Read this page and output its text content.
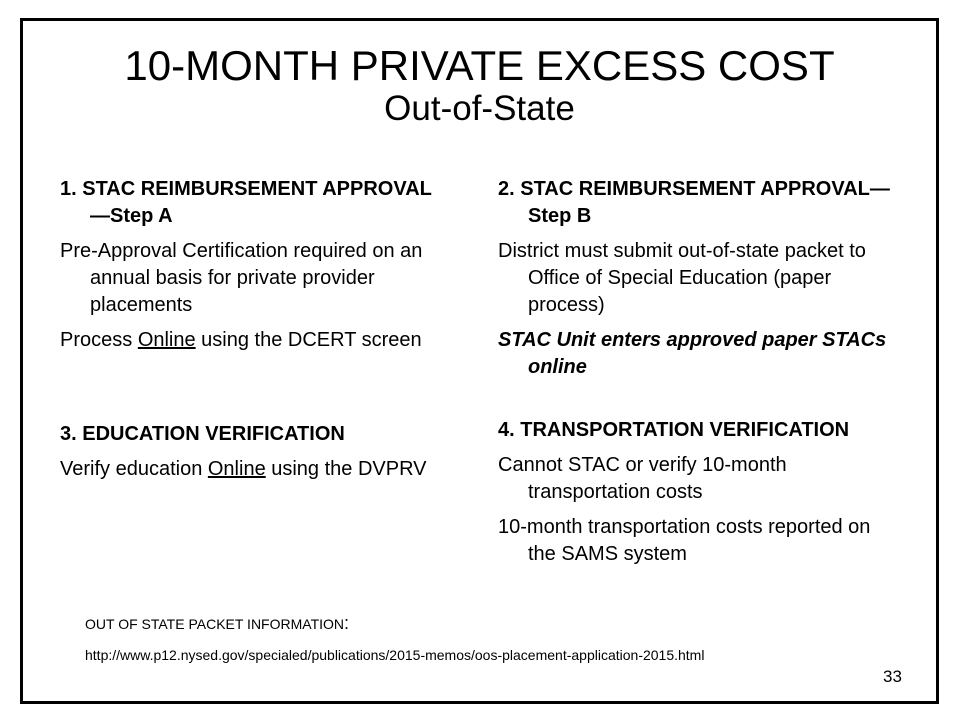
10-MONTH PRIVATE EXCESS COST
Out-of-State

1. STAC REIMBURSEMENT APPROVAL—Step A

Pre-Approval Certification required on an annual basis for private provider placements

Process Online using the DCERT screen

3. EDUCATION VERIFICATION

Verify education Online using the DVPRV

2. STAC REIMBURSEMENT APPROVAL—Step B

District must submit out-of-state packet to Office of Special Education (paper process)

STAC Unit enters approved paper STACs online

4. TRANSPORTATION VERIFICATION

Cannot STAC or verify 10-month transportation costs

10-month transportation costs reported on the SAMS system

OUT OF STATE PACKET INFORMATION:
http://www.p12.nysed.gov/specialed/publications/2015-memos/oos-placement-application-2015.html
33
